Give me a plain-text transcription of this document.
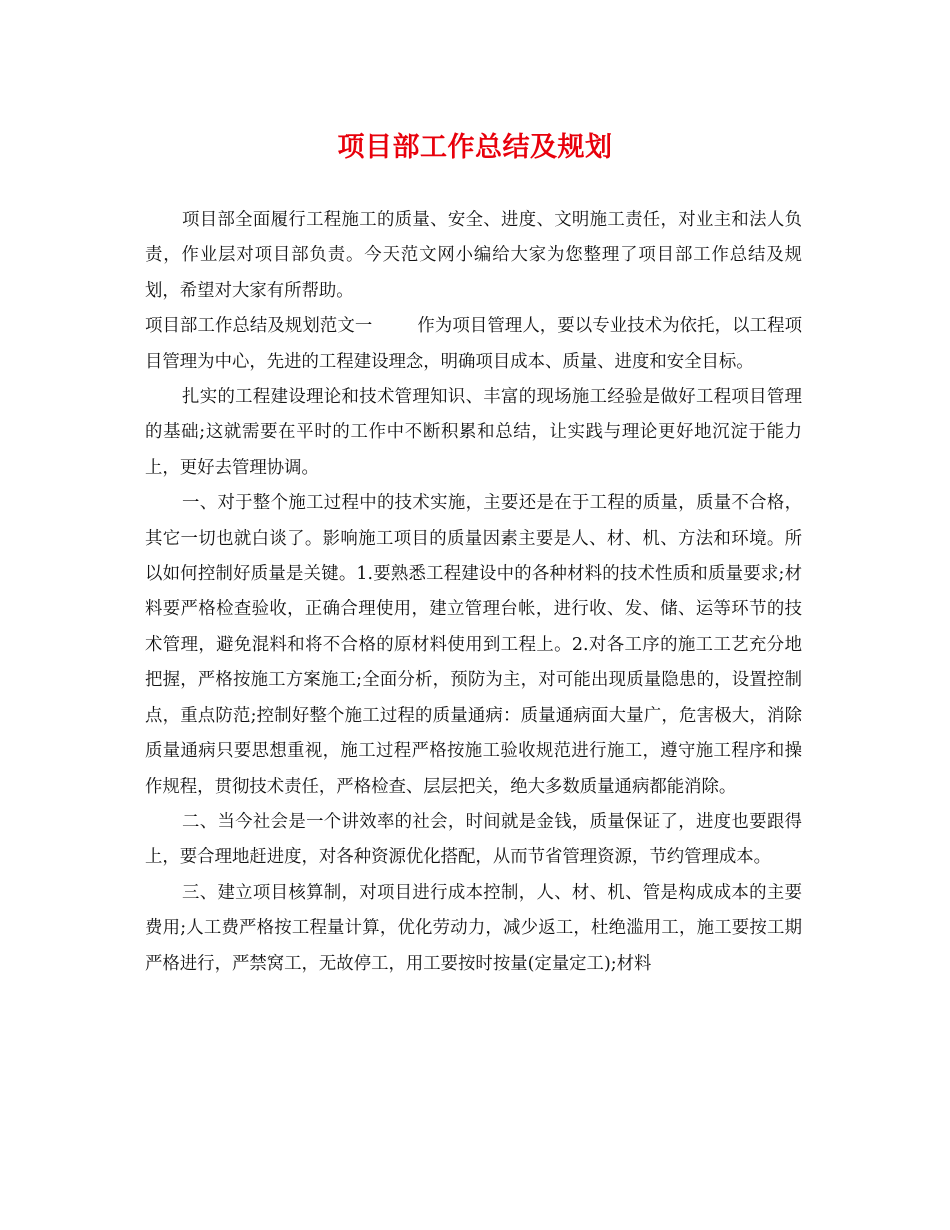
项目部工作总结及规划

项目部全面履行工程施工的质量、安全、进度、文明施工责任，对业主和法人负责，作业层对项目部负责。今天范文网小编给大家为您整理了项目部工作总结及规划，希望对大家有所帮助。

项目部工作总结及规划范文一	作为项目管理人，要以专业技术为依托，以工程项目管理为中心，先进的工程建设理念，明确项目成本、质量、进度和安全目标。

扎实的工程建设理论和技术管理知识、丰富的现场施工经验是做好工程项目管理的基础;这就需要在平时的工作中不断积累和总结，让实践与理论更好地沉淀于能力上，更好去管理协调。

一、对于整个施工过程中的技术实施，主要还是在于工程的质量，质量不合格，其它一切也就白谈了。影响施工项目的质量因素主要是人、材、机、方法和环境。所以如何控制好质量是关键。1.要熟悉工程建设中的各种材料的技术性质和质量要求;材料要严格检查验收，正确合理使用，建立管理台帐，进行收、发、储、运等环节的技术管理，避免混料和将不合格的原材料使用到工程上。2.对各工序的施工工艺充分地把握，严格按施工方案施工;全面分析，预防为主，对可能出现质量隐患的，设置控制点，重点防范;控制好整个施工过程的质量通病：质量通病面大量广，危害极大，消除质量通病只要思想重视，施工过程严格按施工验收规范进行施工，遵守施工程序和操作规程，贯彻技术责任，严格检查、层层把关，绝大多数质量通病都能消除。

二、当今社会是一个讲效率的社会，时间就是金钱，质量保证了，进度也要跟得上，要合理地赶进度，对各种资源优化搭配，从而节省管理资源，节约管理成本。

三、建立项目核算制，对项目进行成本控制，人、材、机、管是构成成本的主要费用;人工费严格按工程量计算，优化劳动力，减少返工，杜绝滥用工，施工要按工期严格进行，严禁窝工，无故停工，用工要按时按量(定量定工);材料
